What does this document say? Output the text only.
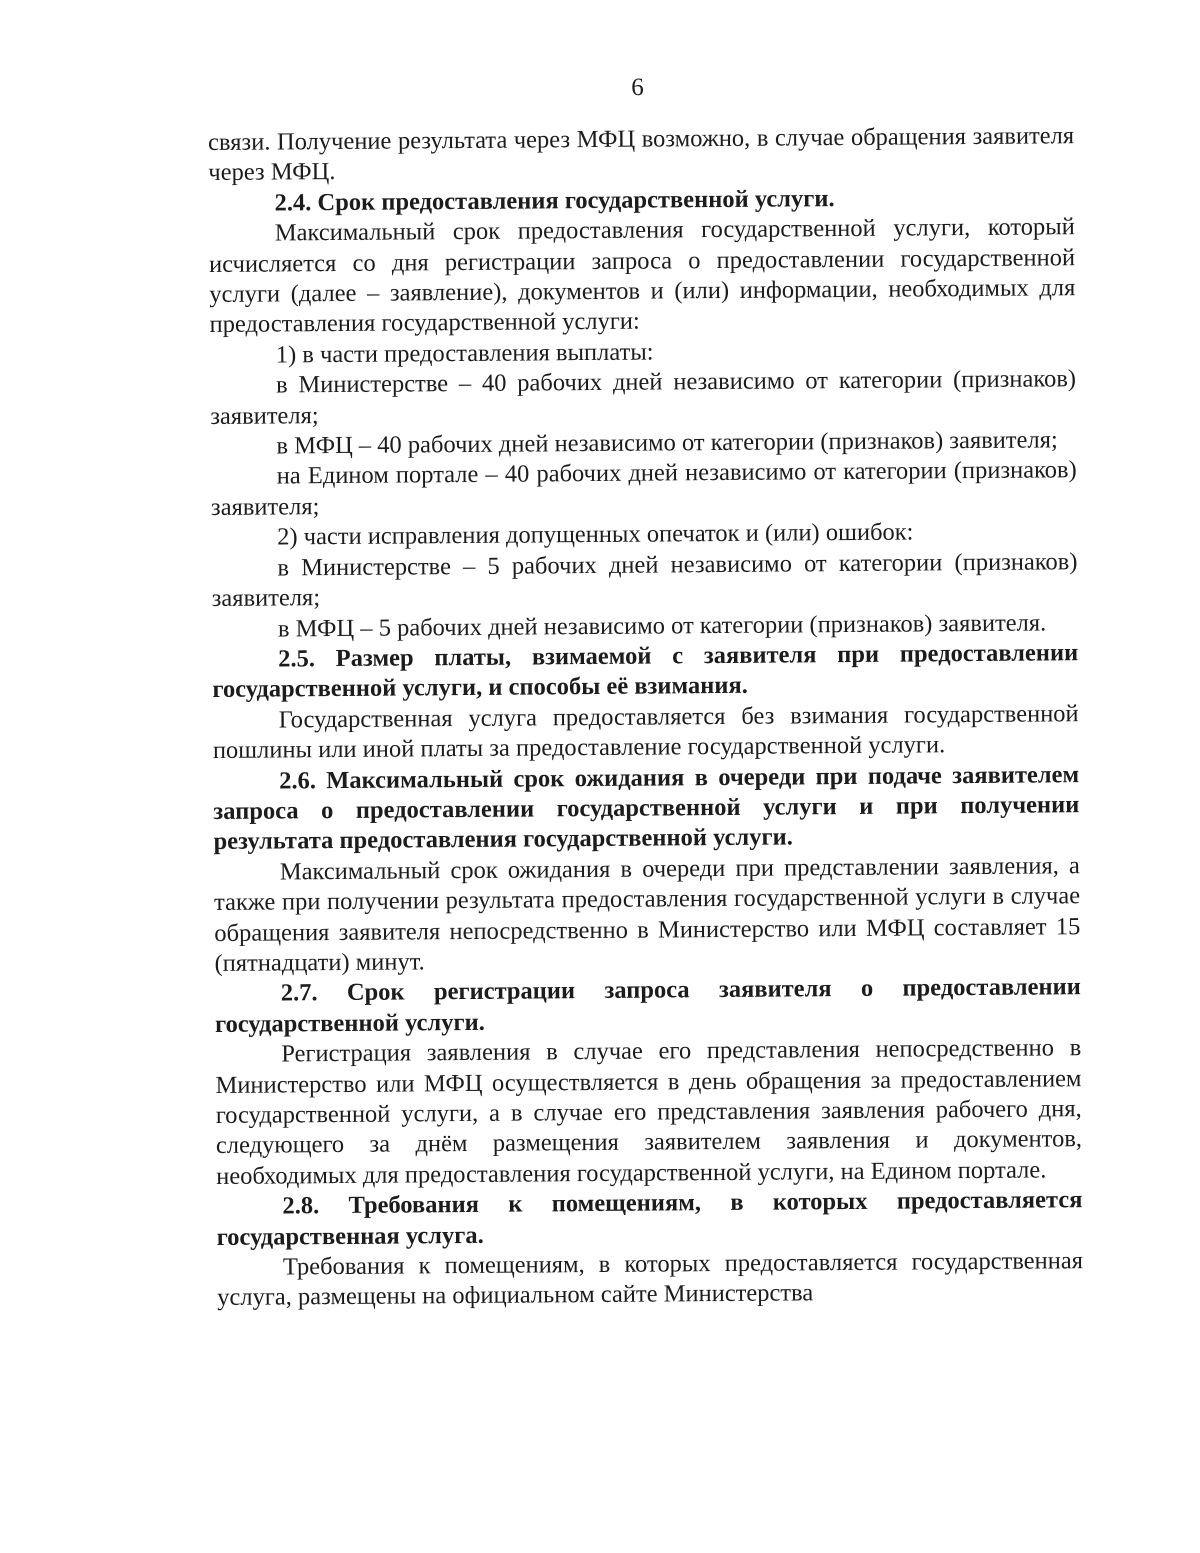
6

связи. Получение результата через МФЦ возможно, в случае обращения заявителя через МФЦ.

2.4. Срок предоставления государственной услуги.

Максимальный срок предоставления государственной услуги, который исчисляется со дня регистрации запроса о предоставлении государственной услуги (далее – заявление), документов и (или) информации, необходимых для предоставления государственной услуги:

1) в части предоставления выплаты:

в Министерстве – 40 рабочих дней независимо от категории (признаков) заявителя;

в МФЦ – 40 рабочих дней независимо от категории (признаков) заявителя;

на Едином портале – 40 рабочих дней независимо от категории (признаков) заявителя;

2) части исправления допущенных опечаток и (или) ошибок:

в Министерстве – 5 рабочих дней независимо от категории (признаков) заявителя;

в МФЦ – 5 рабочих дней независимо от категории (признаков) заявителя.

2.5. Размер платы, взимаемой с заявителя при предоставлении государственной услуги, и способы её взимания.

Государственная услуга предоставляется без взимания государственной пошлины или иной платы за предоставление государственной услуги.

2.6. Максимальный срок ожидания в очереди при подаче заявителем запроса о предоставлении государственной услуги и при получении результата предоставления государственной услуги.

Максимальный срок ожидания в очереди при представлении заявления, а также при получении результата предоставления государственной услуги в случае обращения заявителя непосредственно в Министерство или МФЦ составляет 15 (пятнадцати) минут.

2.7. Срок регистрации запроса заявителя о предоставлении государственной услуги.

Регистрация заявления в случае его представления непосредственно в Министерство или МФЦ осуществляется в день обращения за предоставлением государственной услуги, а в случае его представления заявления рабочего дня, следующего за днём размещения заявителем заявления и документов, необходимых для предоставления государственной услуги, на Едином портале.

2.8. Требования к помещениям, в которых предоставляется государственная услуга.

Требования к помещениям, в которых предоставляется государственная услуга, размещены на официальном сайте Министерства
